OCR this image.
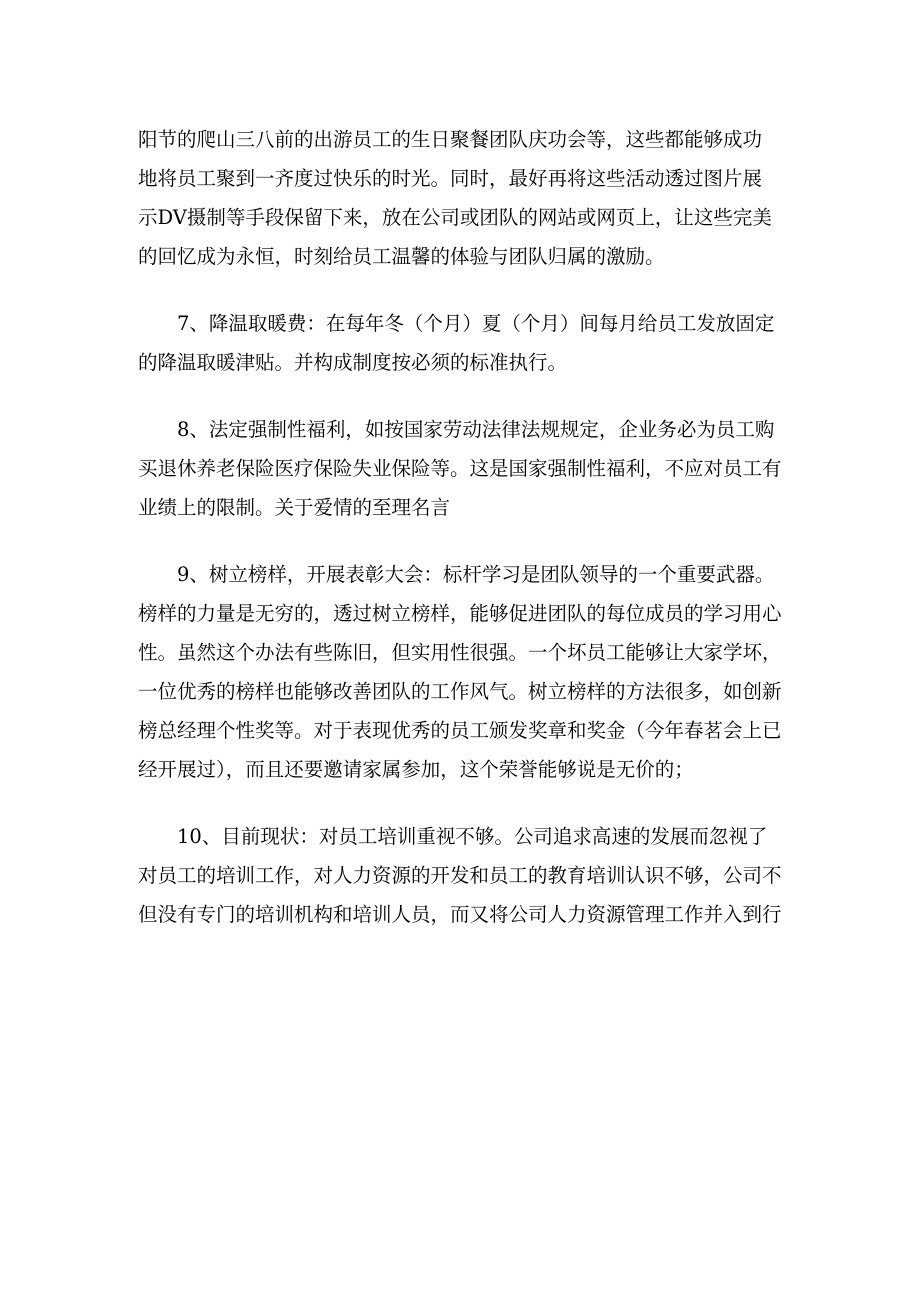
阳节的爬山三八前的出游员工的生日聚餐团队庆功会等，这些都能够成功
地将员工聚到一齐度过快乐的时光。同时，最好再将这些活动透过图片展
示DV摄制等手段保留下来，放在公司或团队的网站或网页上，让这些完美
的回忆成为永恒，时刻给员工温馨的体验与团队归属的激励。
7、降温取暖费：在每年冬（个月）夏（个月）间每月给员工发放固定
的降温取暖津贴。并构成制度按必须的标准执行。
8、法定强制性福利，如按国家劳动法律法规规定，企业务必为员工购
买退休养老保险医疗保险失业保险等。这是国家强制性福利，不应对员工有
业绩上的限制。关于爱情的至理名言
9、树立榜样，开展表彰大会：标杆学习是团队领导的一个重要武器。
榜样的力量是无穷的，透过树立榜样，能够促进团队的每位成员的学习用心
性。虽然这个办法有些陈旧，但实用性很强。一个坏员工能够让大家学坏，
一位优秀的榜样也能够改善团队的工作风气。树立榜样的方法很多，如创新
榜总经理个性奖等。对于表现优秀的员工颁发奖章和奖金（今年春茗会上已
经开展过），而且还要邀请家属参加，这个荣誉能够说是无价的；
10、目前现状：对员工培训重视不够。公司追求高速的发展而忽视了
对员工的培训工作，对人力资源的开发和员工的教育培训认识不够，公司不
但没有专门的培训机构和培训人员，而又将公司人力资源管理工作并入到行
